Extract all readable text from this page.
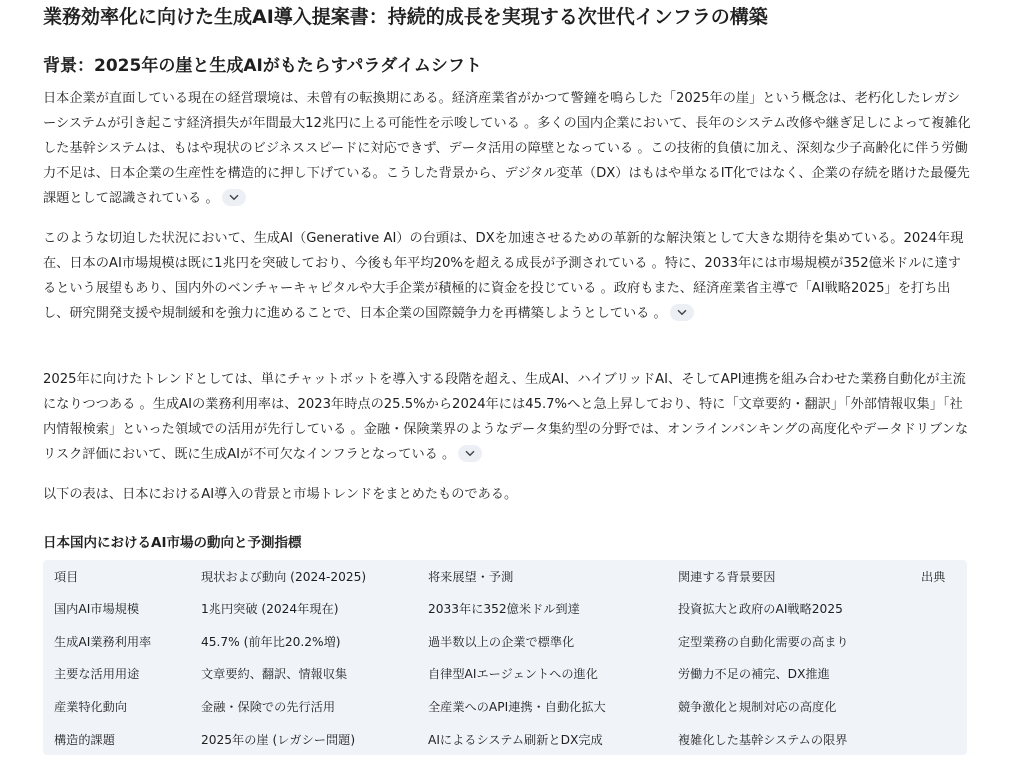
業務効率化に向けた生成AI導入提案書：持続的成長を実現する次世代インフラの構築
背景：2025年の崖と生成AIがもたらすパラダイムシフト

日本企業が直面している現在の経営環境は、未曾有の転換期にある。経済産業省がかつて警鐘を鳴らした「2025年の崖」という概念は、老朽化したレガシーシステムが引き起こす経済損失が年間最大12兆円に上る可能性を示唆している 。多くの国内企業において、長年のシステム改修や継ぎ足しによって複雑化した基幹システムは、もはや現状のビジネススピードに対応できず、データ活用の障壁となっている 。この技術的負債に加え、深刻な少子高齢化に伴う労働力不足は、日本企業の生産性を構造的に押し下げている。こうした背景から、デジタル変革（DX）はもはや単なるIT化ではなく、企業の存続を賭けた最優先課題として認識されている 。

このような切迫した状況において、生成AI（Generative AI）の台頭は、DXを加速させるための革新的な解決策として大きな期待を集めている。2024年現在、日本のAI市場規模は既に1兆円を突破しており、今後も年平均20%を超える成長が予測されている 。特に、2033年には市場規模が352億米ドルに達するという展望もあり、国内外のベンチャーキャピタルや大手企業が積極的に資金を投じている 。政府もまた、経済産業省主導で「AI戦略2025」を打ち出し、研究開発支援や規制緩和を強力に進めることで、日本企業の国際競争力を再構築しようとしている 。

2025年に向けたトレンドとしては、単にチャットボットを導入する段階を超え、生成AI、ハイブリッドAI、そしてAPI連携を組み合わせた業務自動化が主流になりつつある 。生成AIの業務利用率は、2023年時点の25.5%から2024年には45.7%へと急上昇しており、特に「文章要約・翻訳」「外部情報収集」「社内情報検索」といった領域での活用が先行している 。金融・保険業界のようなデータ集約型の分野では、オンラインバンキングの高度化やデータドリブンなリスク評価において、既に生成AIが不可欠なインフラとなっている 。

以下の表は、日本におけるAI導入の背景と市場トレンドをまとめたものである。

日本国内におけるAI市場の動向と予測指標
項目	現状および動向 (2024-2025)	将来展望・予測	関連する背景要因	出典
国内AI市場規模	1兆円突破 (2024年現在)	2033年に352億米ドル到達	投資拡大と政府のAI戦略2025
生成AI業務利用率	45.7% (前年比20.2%増)	過半数以上の企業で標準化	定型業務の自動化需要の高まり
主要な活用用途	文章要約、翻訳、情報収集	自律型AIエージェントへの進化	労働力不足の補完、DX推進
産業特化動向	金融・保険での先行活用	全産業へのAPI連携・自動化拡大	競争激化と規制対応の高度化
構造的課題	2025年の崖 (レガシー問題)	AIによるシステム刷新とDX完成	複雑化した基幹システムの限界
